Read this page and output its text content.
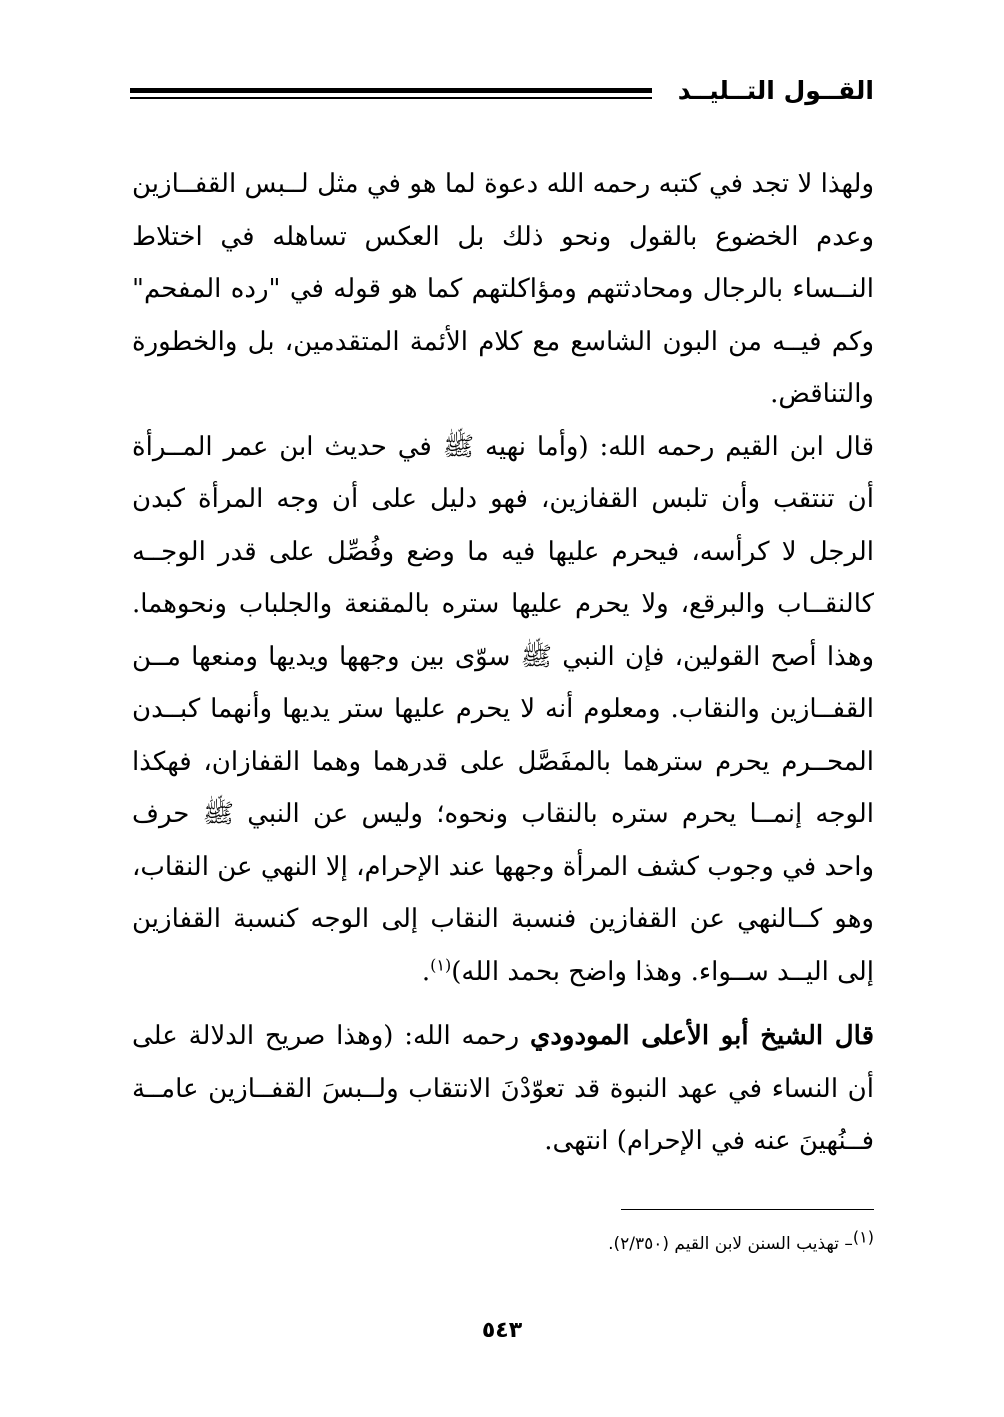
القــول التــليــد

ولهذا لا تجد في كتبه رحمه الله دعوة لما هو في مثل لــبس القفــازين وعدم الخضوع بالقول ونحو ذلك بل العكس تساهله في اختلاط النــساء بالرجال ومحادثتهم ومؤاكلتهم كما هو قوله في "رده المفحم" وكم فيــه من البون الشاسع مع كلام الأئمة المتقدمين، بل والخطورة والتناقض.

قال ابن القيم رحمه الله: (وأما نهيه ﷺ في حديث ابن عمر المــرأة أن تنتقب وأن تلبس القفازين، فهو دليل على أن وجه المرأة كبدن الرجل لا كرأسه، فيحرم عليها فيه ما وضع وفُصِّل على قدر الوجــه كالنقــاب والبرقع، ولا يحرم عليها ستره بالمقنعة والجلباب ونحوهما. وهذا أصح القولين، فإن النبي ﷺ سوّى بين وجهها ويديها ومنعها مــن القفــازين والنقاب. ومعلوم أنه لا يحرم عليها ستر يديها وأنهما كبــدن المحــرم يحرم سترهما بالمفَصَّل على قدرهما وهما القفازان، فهكذا الوجه إنمــا يحرم ستره بالنقاب ونحوه؛ وليس عن النبي ﷺ حرف واحد في وجوب كشف المرأة وجهها عند الإحرام، إلا النهي عن النقاب، وهو كــالنهي عن القفازين فنسبة النقاب إلى الوجه كنسبة القفازين إلى اليــد ســواء. وهذا واضح بحمد الله)$^{(١)}$.

قال الشيخ أبو الأعلى المودودي رحمه الله: (وهذا صريح الدلالة على أن النساء في عهد النبوة قد تعوّدْنَ الانتقاب ولــبسَ القفــازين عامــة فــنُهينَ عنه في الإحرام) انتهى.

$^{(١)}$– تهذيب السنن لابن القيم (٢/٣٥٠).
٥٤٣
